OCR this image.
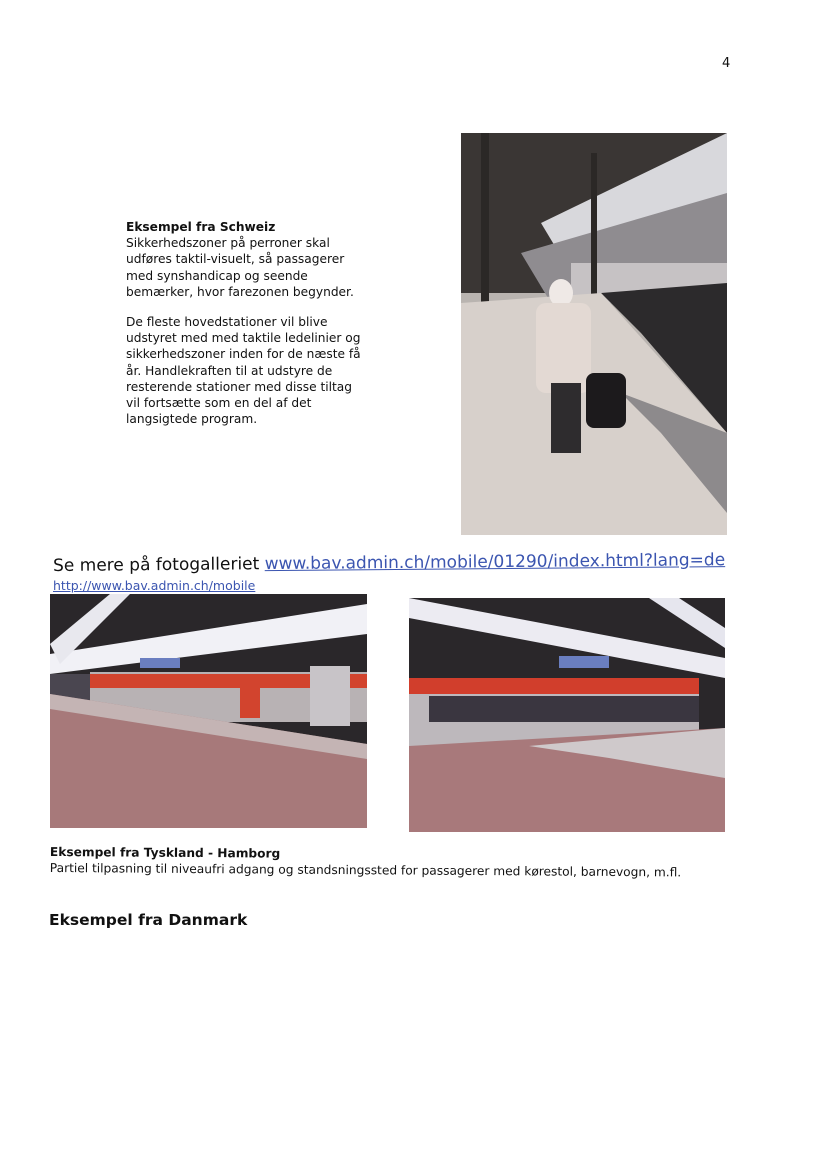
4

Eksempel fra Schweiz
Sikkerhedszoner på perroner skal udføres taktil-visuelt, så passagerer med synshandicap og seende bemærker, hvor farezonen begynder.

De fleste hovedstationer vil blive udstyret med med taktile ledelinier og sikkerhedszoner inden for de næste få år. Handlekraften til at udstyre de resterende stationer med disse tiltag vil fortsætte som en del af det langsigtede program.

Se mere på fotogalleriet www.bav.admin.ch/mobile/01290/index.html?lang=de
http://www.bav.admin.ch/mobile
Eksempel fra Tyskland - Hamborg
Partiel tilpasning til niveaufri adgang og standsningssted for passagerer med kørestol, barnevogn, m.fl.
Eksempel fra Danmark
